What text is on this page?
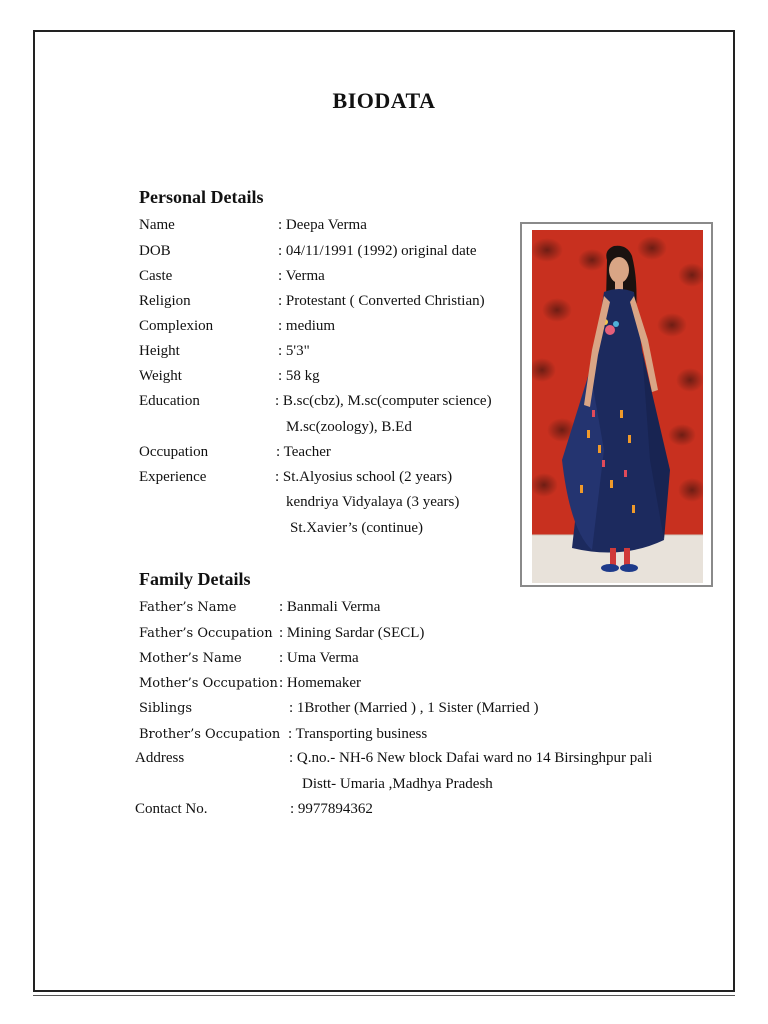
BIODATA
Personal Details
Name	: Deepa Verma
DOB	: 04/11/1991 (1992) original date
Caste	: Verma
Religion	: Protestant ( Converted Christian)
Complexion	: medium
Height	: 5'3"
Weight	: 58 kg
Education	: B.sc(cbz), M.sc(computer science)
M.sc(zoology), B.Ed
Occupation	: Teacher
Experience	: St.Alyosius school (2 years)
kendriya Vidyalaya (3 years)
St.Xavier’s (continue)
Family Details
Father’s Name	: Banmali Verma
Father’s Occupation : Mining Sardar (SECL)
Mother’s Name : Uma Verma
Mother’s Occupation : Homemaker
Siblings	: 1Brother (Married ) , 1 Sister (Married )
Brother’s Occupation : Transporting business
Address	: Q.no.- NH-6 New block Dafai ward no 14 Birsinghpur pali
Distt- Umaria ,Madhya Pradesh
Contact No.	: 9977894362
